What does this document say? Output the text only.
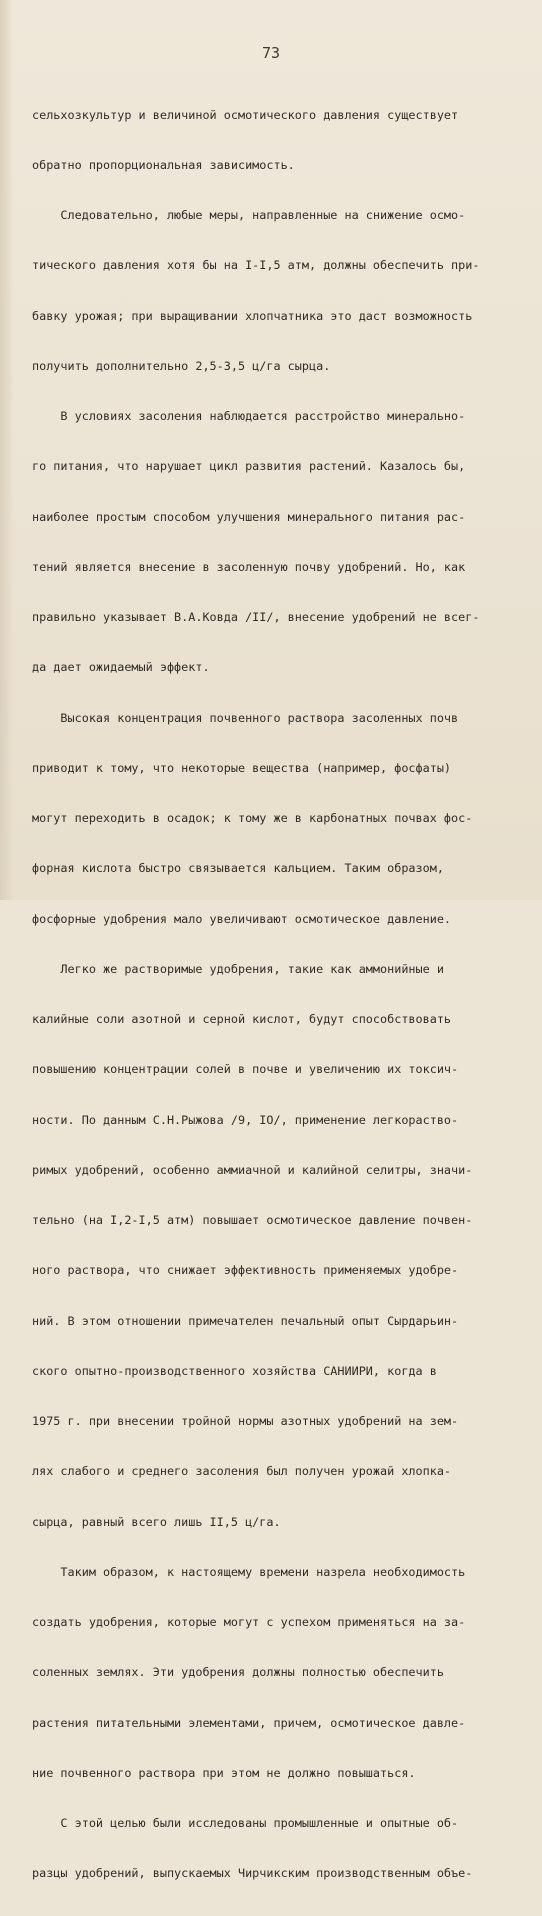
73

сельхозкультур и величиной осмотического давления существует

обратно пропорциональная зависимость.

Следовательно, любые меры, направленные на снижение осмо-

тического давления хотя бы на I-I,5 атм, должны обеспечить при-

бавку урожая; при выращивании хлопчатника это даст возможность

получить дополнительно 2,5-3,5 ц/га сырца.

В условиях засоления наблюдается расстройство минерально-

го питания, что нарушает цикл развития растений. Казалось бы,

наиболее простым способом улучшения минерального питания рас-

тений является внесение в засоленную почву удобрений. Но, как

правильно указывает В.А.Ковда /II/, внесение удобрений не всег-

да дает ожидаемый эффект.

Высокая концентрация почвенного раствора засоленных почв

приводит к тому, что некоторые вещества (например, фосфаты)

могут переходить в осадок; к тому же в карбонатных почвах фос-

форная кислота быстро связывается кальцием. Таким образом,

фосфорные удобрения мало увеличивают осмотическое давление.

Легко же растворимые удобрения, такие как аммонийные и

калийные соли азотной и серной кислот, будут способствовать

повышению концентрации солей в почве и увеличению их токсич-

ности. По данным С.Н.Рыжова /9, IO/, применение легкораство-

римых удобрений, особенно аммиачной и калийной селитры, значи-

тельно (на I,2-I,5 атм) повышает осмотическое давление почвен-

ного раствора, что снижает эффективность применяемых удобре-

ний. В этом отношении примечателен печальный опыт Сырдарьин-

ского опытно-производственного хозяйства САНИИРИ, когда в

1975 г. при внесении тройной нормы азотных удобрений на зем-

лях слабого и среднего засоления был получен урожай хлопка-

сырца, равный всего лишь II,5 ц/га.

Таким образом, к настоящему времени назрела необходимость

создать удобрения, которые могут с успехом применяться на за-

соленных землях. Эти удобрения должны полностью обеспечить

растения питательными элементами, причем, осмотическое давле-

ние почвенного раствора при этом не должно повышаться.

С этой целью были исследованы промышленные и опытные об-

разцы удобрений, выпускаемых Чирчикским производственным объе-
